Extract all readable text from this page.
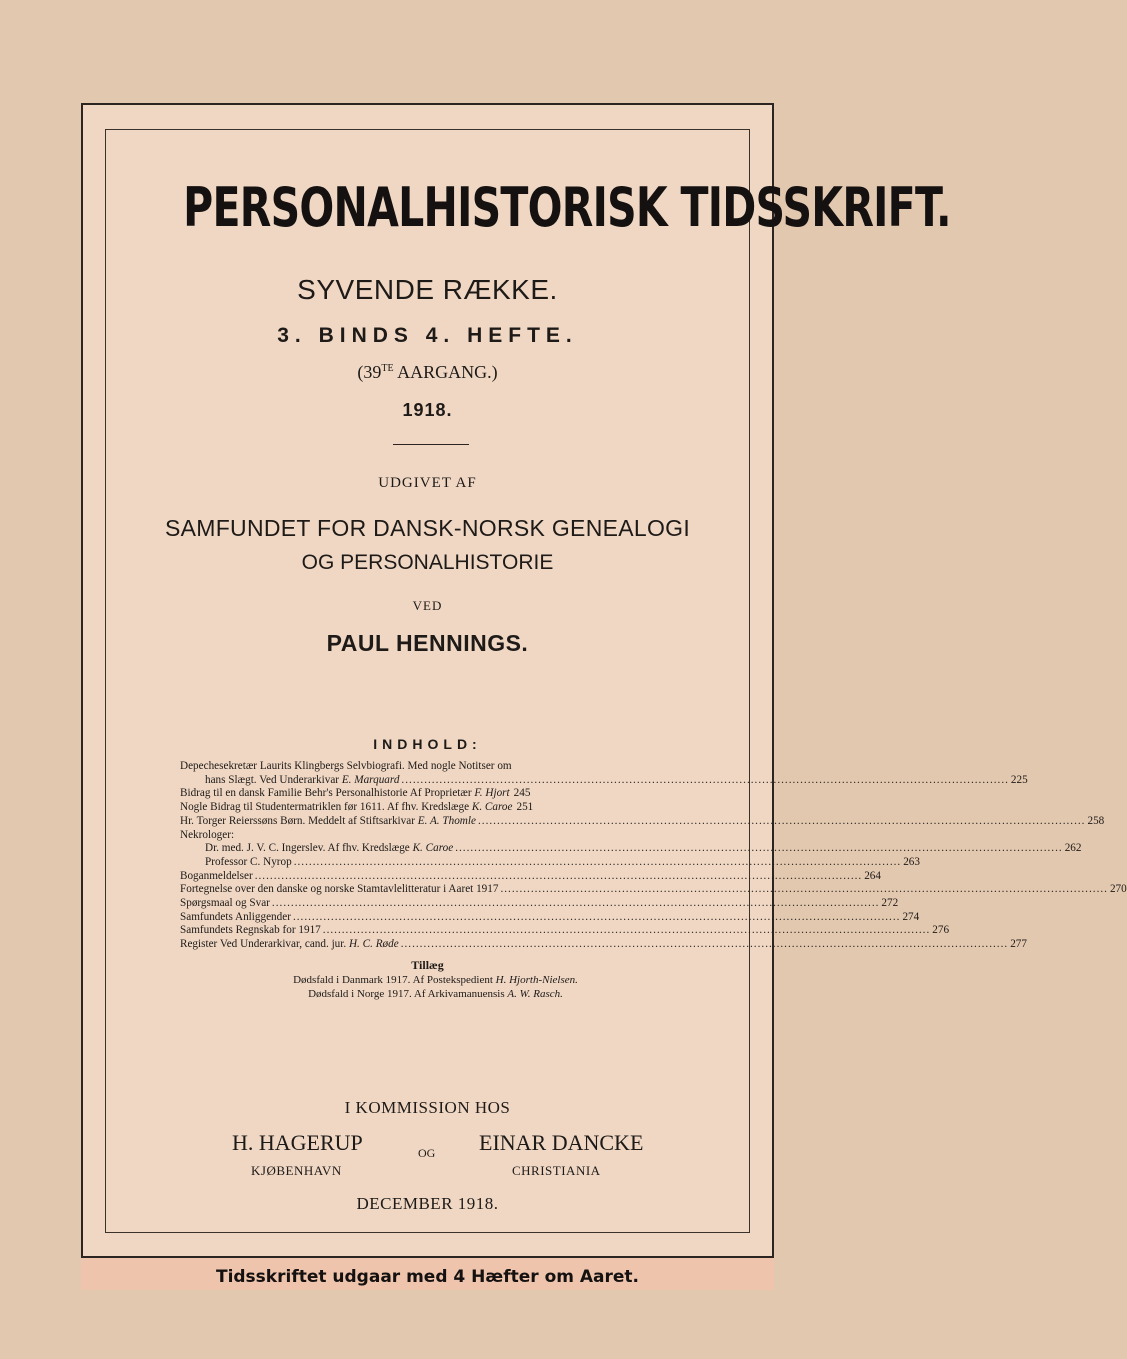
PERSONALHISTORISK TIDSSKRIFT.
SYVENDE RÆKKE.
3. BINDS 4. HEFTE.
($39^{TE}$ AARGANG.)
1918.
UDGIVET AF
SAMFUNDET FOR DANSK-NORSK GENEALOGI
OG PERSONALHISTORIE
VED
PAUL HENNINGS.
INDHOLD:
Depechesekretær Laurits Klingbergs Selvbiografi. Med nogle Notitser om
hans Slægt. Ved Underarkivar E. Marquard .....	225
Bidrag til en dansk Familie Behr's Personalhistorie Af Proprietær F. Hjort 245
Nogle Bidrag til Studentermatriklen før 1611. Af fhv. Kredslæge K. Caroe 251
Hr. Torger Reierssøns Børn. Meddelt af Stiftsarkivar E. A. Thomle .....	258
Nekrologer:
Dr. med. J. V. C. Ingerslev. Af fhv. Kredslæge K. Caroe .....	262
Professor C. Nyrop .....	263
Boganmeldelser .....	264
Fortegnelse over den danske og norske Stamtavlelitteratur i Aaret 1917 .....	270
Spørgsmaal og Svar .....	272
Samfundets Anliggender .....	274
Samfundets Regnskab for 1917 .....	276
Register Ved Underarkivar, cand. jur. H. C. Røde .....	277
Tillæg
Dødsfald i Danmark 1917. Af Postekspedient H. Hjorth-Nielsen.
Dødsfald i Norge 1917. Af Arkivamanuensis A. W. Rasch.
I KOMMISSION HOS
H. HAGERUP	OG EINAR DANCKE
KJØBENHAVN	CHRISTIANIA
DECEMBER 1918.
Tidsskriftet udgaar med 4 Hæfter om Aaret.
